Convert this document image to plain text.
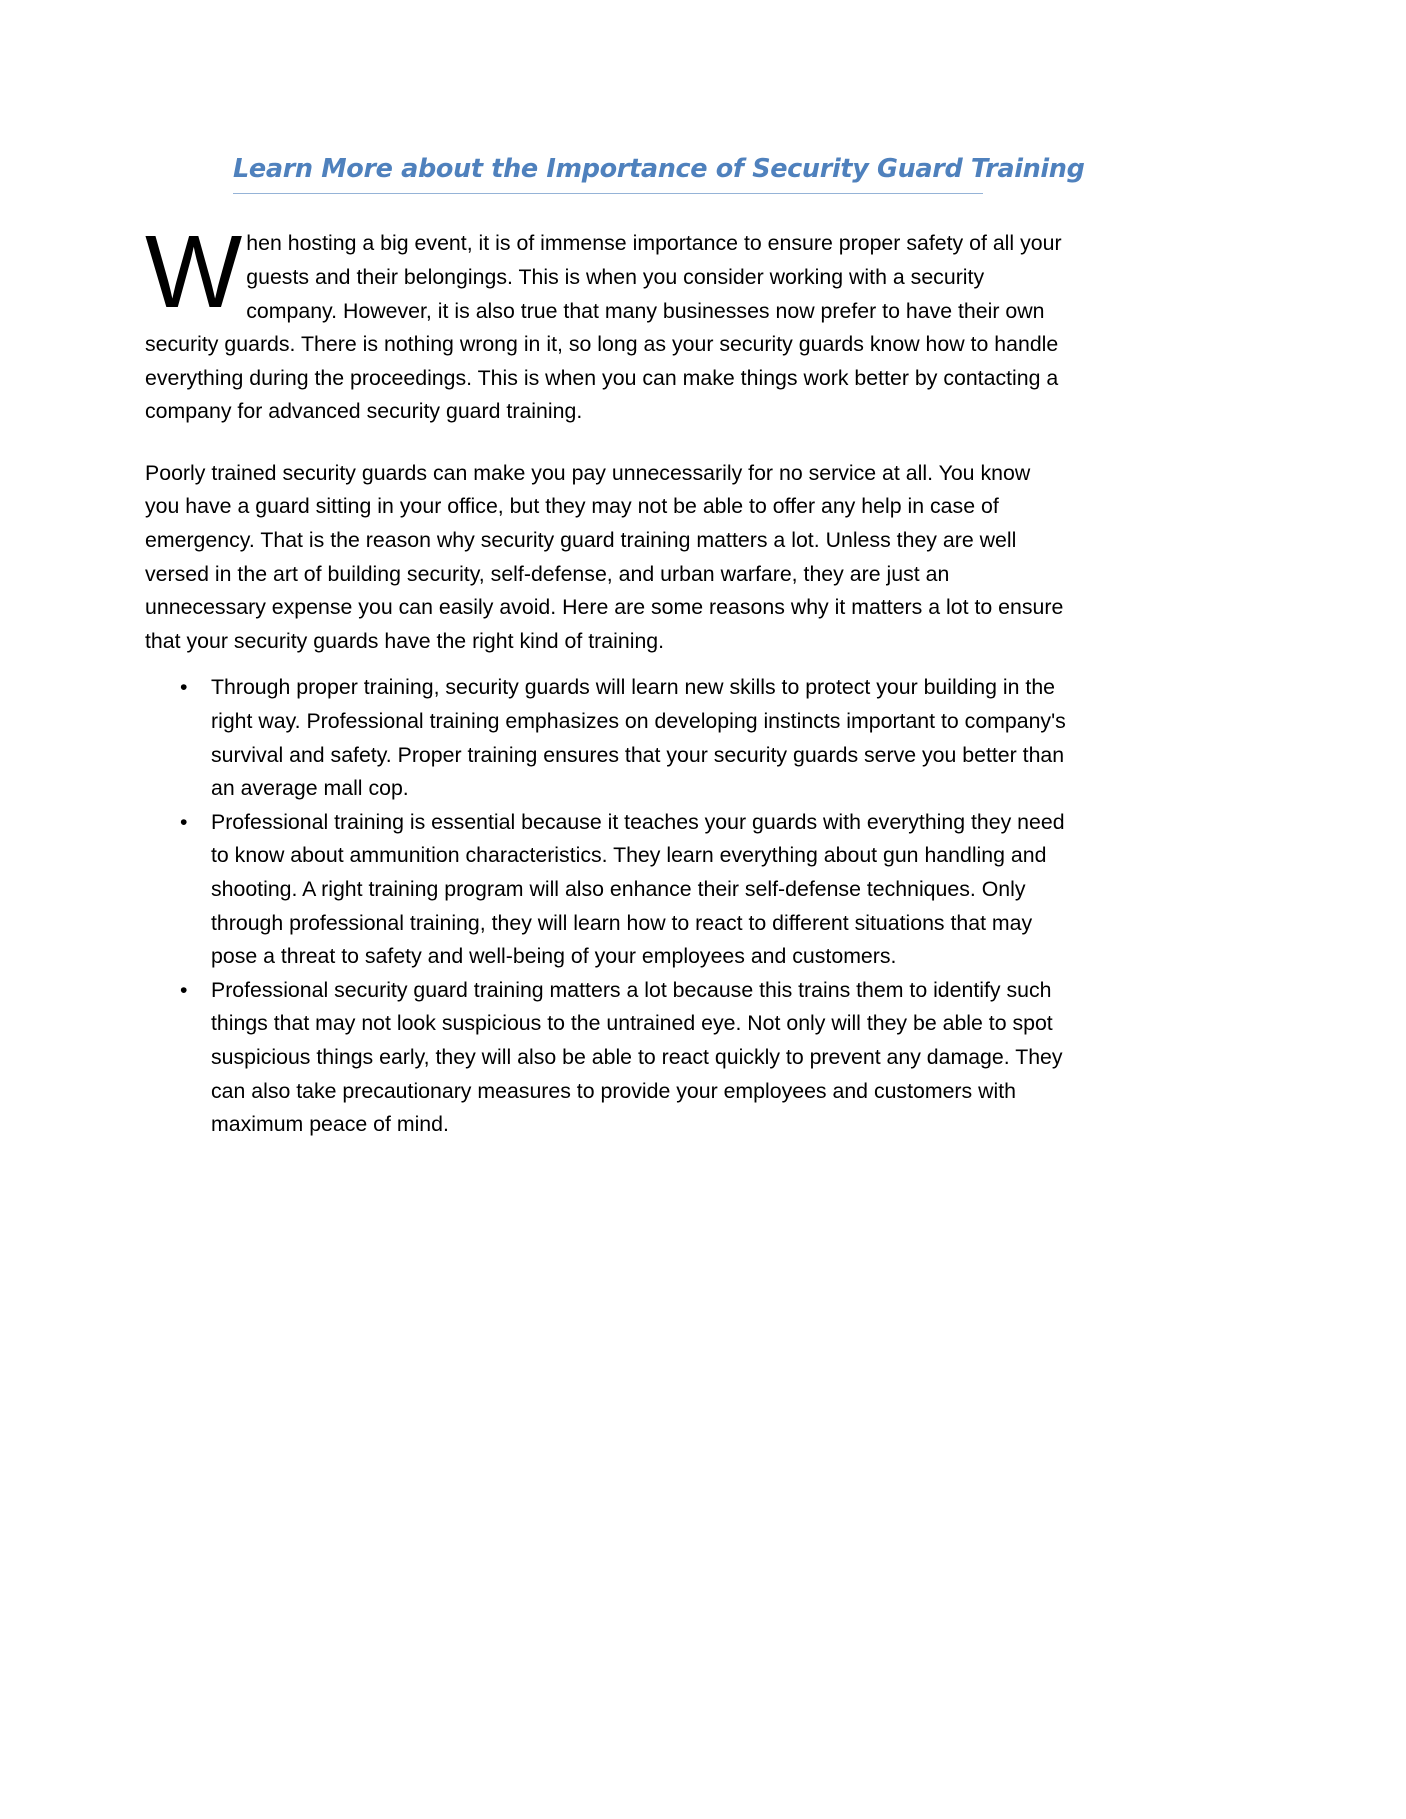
Learn More about the Importance of Security Guard Training

When hosting a big event, it is of immense importance to ensure proper safety of all your guests and their belongings. This is when you consider working with a security company. However, it is also true that many businesses now prefer to have their own security guards. There is nothing wrong in it, so long as your security guards know how to handle everything during the proceedings. This is when you can make things work better by contacting a company for advanced security guard training.

Poorly trained security guards can make you pay unnecessarily for no service at all. You know you have a guard sitting in your office, but they may not be able to offer any help in case of emergency. That is the reason why security guard training matters a lot. Unless they are well versed in the art of building security, self-defense, and urban warfare, they are just an unnecessary expense you can easily avoid. Here are some reasons why it matters a lot to ensure that your security guards have the right kind of training.

• Through proper training, security guards will learn new skills to protect your building in the right way. Professional training emphasizes on developing instincts important to company's survival and safety. Proper training ensures that your security guards serve you better than an average mall cop.
• Professional training is essential because it teaches your guards with everything they need to know about ammunition characteristics. They learn everything about gun handling and shooting. A right training program will also enhance their self-defense techniques. Only through professional training, they will learn how to react to different situations that may pose a threat to safety and well-being of your employees and customers.
• Professional security guard training matters a lot because this trains them to identify such things that may not look suspicious to the untrained eye. Not only will they be able to spot suspicious things early, they will also be able to react quickly to prevent any damage. They can also take precautionary measures to provide your employees and customers with maximum peace of mind.
